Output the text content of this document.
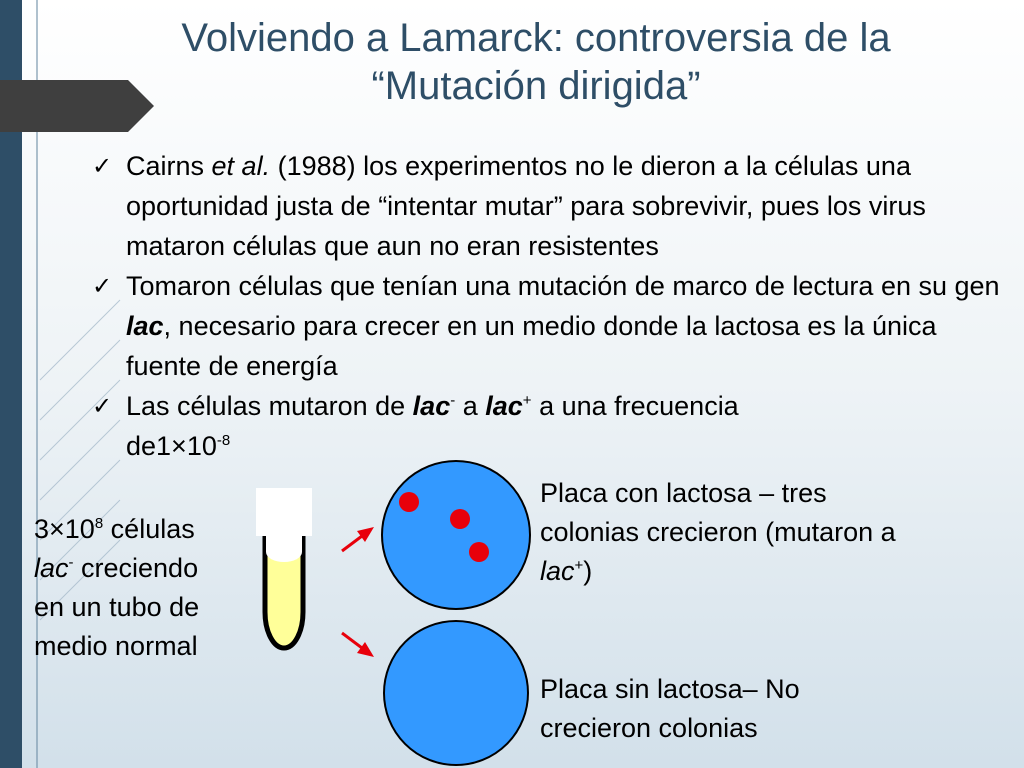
Volviendo a Lamarck: controversia de la
“Mutación dirigida”
✓ Cairns et al. (1988) los experimentos no le dieron a la células una oportunidad justa de “intentar mutar” para sobrevivir, pues los virus mataron células que aun no eran resistentes
✓ Tomaron células que tenían una mutación de marco de lectura en su gen lac, necesario para crecer en un medio donde la lactosa es la única fuente de energía
✓ Las células mutaron de lac- a lac+ a una frecuencia
$de1\times 10^{-8}$
$3\times 10^8$ células
lac- creciendo
en un tubo de
medio normal
Placa con lactosa – tres
colonias crecieron (mutaron a
lac+)
Placa sin lactosa– No
crecieron colonias
